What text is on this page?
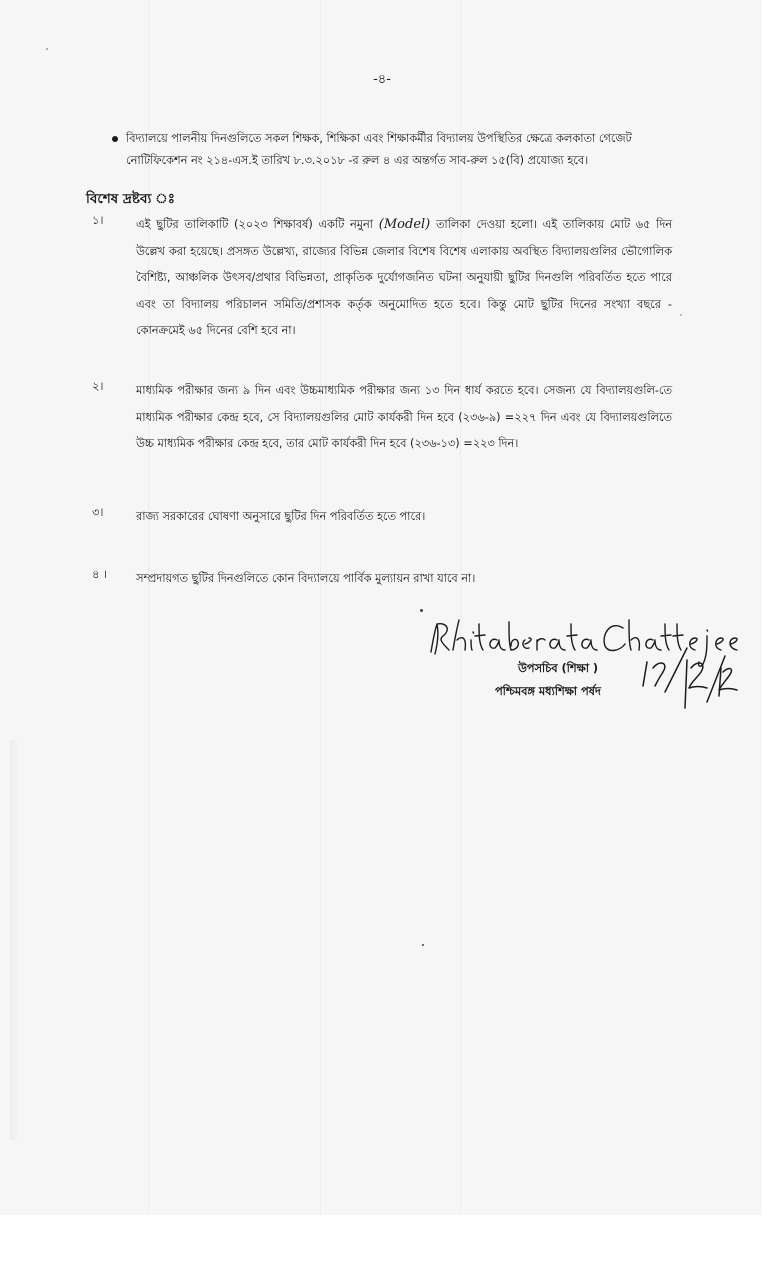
-৪-
বিদ্যালয়ে পালনীয় দিনগুলিতে সকল শিক্ষক, শিক্ষিকা এবং শিক্ষাকর্মীর বিদ্যালয় উপস্থিতির ক্ষেত্রে কলকাতা গেজেট নোটিফিকেশন নং ২১৪-এস.ই তারিখ ৮.৩.২০১৮ -র রুল ৪ এর অন্তর্গত সাব-রুল ১৫(বি) প্রযোজ্য হবে।
বিশেষ দ্রষ্টব্য ঃ
১।	এই ছুটির তালিকাটি (২০২৩ শিক্ষাবর্ষ) একটি নমুনা (Model) তালিকা দেওয়া হলো। এই তালিকায় মোট ৬৫ দিন উল্লেখ করা হয়েছে। প্রসঙ্গত উল্লেখ্য, রাজ্যের বিভিন্ন জেলার বিশেষ বিশেষ এলাকায় অবস্থিত বিদ্যালয়গুলির ভৌগোলিক বৈশিষ্ট্য, আঞ্চলিক উৎসব/প্রথার বিভিন্নতা, প্রাকৃতিক দুর্যোগজনিত ঘটনা অনুযায়ী ছুটির দিনগুলি পরিবর্তিত হতে পারে এবং তা বিদ্যালয় পরিচালন সমিতি/প্রশাসক কর্তৃক অনুমোদিত হতে হবে। কিন্তু মোট ছুটির দিনের সংখ্যা বছরে - কোনক্রমেই ৬৫ দিনের বেশি হবে না।
২।	মাধ্যমিক পরীক্ষার জন্য ৯ দিন এবং উচ্চমাধ্যমিক পরীক্ষার জন্য ১৩ দিন ধার্য করতে হবে। সেজন্য যে বিদ্যালয়গুলি-তে মাধ্যমিক পরীক্ষার কেন্দ্র হবে, সে বিদ্যালয়গুলির মোট কার্যকরী দিন হবে (২৩৬-৯) =২২৭ দিন এবং যে বিদ্যালয়গুলিতে উচ্চ মাধ্যমিক পরীক্ষার কেন্দ্র হবে, তার মোট কার্যকরী দিন হবে (২৩৬-১৩) =২২৩ দিন।
৩।	রাজ্য সরকারের ঘোষণা অনুসারে ছুটির দিন পরিবর্তিত হতে পারে।
৪ ।	সম্প্রদায়গত ছুটির দিনগুলিতে কোন বিদ্যালয়ে পার্বিক মুল্যায়ন রাখা যাবে না।
উপসচিব (শিক্ষা )
পশ্চিমবঙ্গ মধ্যশিক্ষা পর্ষদ
